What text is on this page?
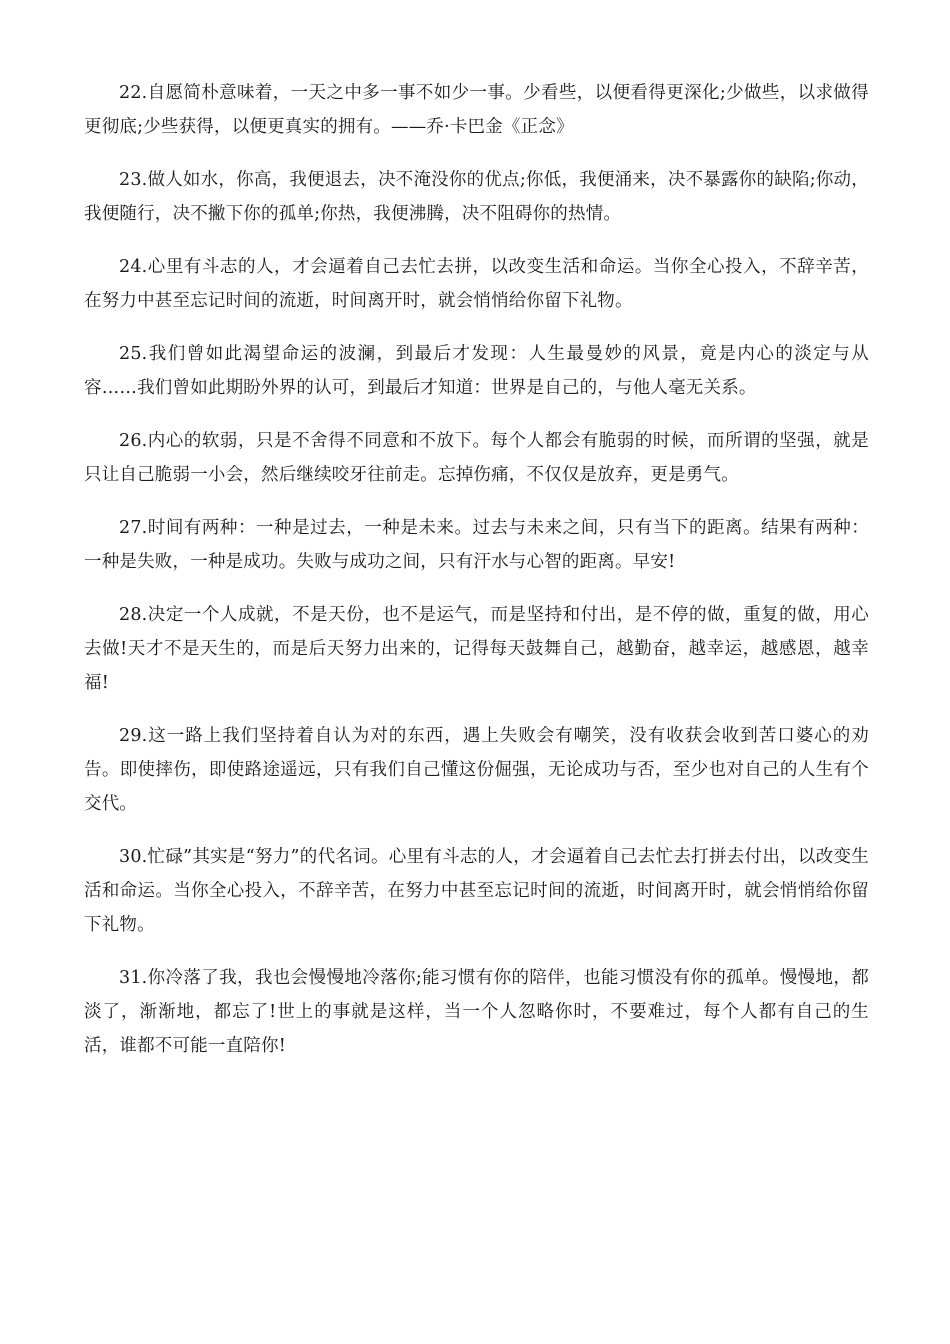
22.自愿简朴意味着，一天之中多一事不如少一事。少看些，以便看得更深化;少做些，以求做得更彻底;少些获得，以便更真实的拥有。——乔·卡巴金《正念》

23.做人如水，你高，我便退去，决不淹没你的优点;你低，我便涌来，决不暴露你的缺陷;你动，我便随行，决不撇下你的孤单;你热，我便沸腾，决不阻碍你的热情。

24.心里有斗志的人，才会逼着自己去忙去拼，以改变生活和命运。当你全心投入，不辞辛苦，在努力中甚至忘记时间的流逝，时间离开时，就会悄悄给你留下礼物。

25.我们曾如此渴望命运的波澜，到最后才发现：人生最曼妙的风景，竟是内心的淡定与从容……我们曾如此期盼外界的认可，到最后才知道：世界是自己的，与他人毫无关系。

26.内心的软弱，只是不舍得不同意和不放下。每个人都会有脆弱的时候，而所谓的坚强，就是只让自己脆弱一小会，然后继续咬牙往前走。忘掉伤痛，不仅仅是放弃，更是勇气。

27.时间有两种：一种是过去，一种是未来。过去与未来之间，只有当下的距离。结果有两种：一种是失败，一种是成功。失败与成功之间，只有汗水与心智的距离。早安!

28.决定一个人成就，不是天份，也不是运气，而是坚持和付出，是不停的做，重复的做，用心去做!天才不是天生的，而是后天努力出来的，记得每天鼓舞自己，越勤奋，越幸运，越感恩，越幸福!

29.这一路上我们坚持着自认为对的东西，遇上失败会有嘲笑，没有收获会收到苦口婆心的劝告。即使摔伤，即使路途遥远，只有我们自己懂这份倔强，无论成功与否，至少也对自己的人生有个交代。

30.忙碌”其实是“努力”的代名词。心里有斗志的人，才会逼着自己去忙去打拼去付出，以改变生活和命运。当你全心投入，不辞辛苦，在努力中甚至忘记时间的流逝，时间离开时，就会悄悄给你留下礼物。

31.你冷落了我，我也会慢慢地冷落你;能习惯有你的陪伴，也能习惯没有你的孤单。慢慢地，都淡了，渐渐地，都忘了!世上的事就是这样，当一个人忽略你时，不要难过，每个人都有自己的生活，谁都不可能一直陪你!
